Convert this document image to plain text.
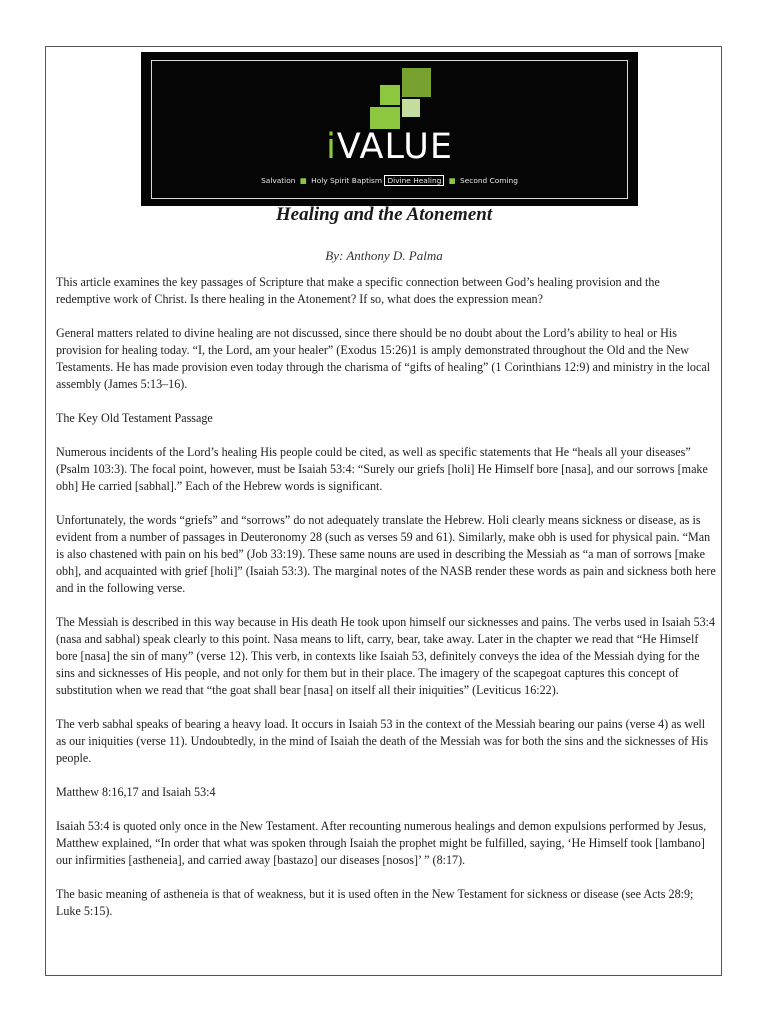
iVALUE
Salvation ■ Holy Spirit Baptism Divine Healing ■ Second Coming
Healing and the Atonement

By: Anthony D. Palma

This article examines the key passages of Scripture that make a specific connection between God’s healing provision and the redemptive work of Christ. Is there healing in the Atonement? If so, what does the expression mean?

General matters related to divine healing are not discussed, since there should be no doubt about the Lord’s ability to heal or His provision for healing today. “I, the Lord, am your healer” (Exodus 15:26)1 is amply demonstrated throughout the Old and the New Testaments. He has made provision even today through the charisma of “gifts of healing” (1 Corinthians 12:9) and ministry in the local assembly (James 5:13–16).

The Key Old Testament Passage

Numerous incidents of the Lord’s healing His people could be cited, as well as specific statements that He “heals all your diseases” (Psalm 103:3). The focal point, however, must be Isaiah 53:4: “Surely our griefs [holi] He Himself bore [nasa], and our sorrows [make obh] He carried [sabhal].” Each of the Hebrew words is significant.

Unfortunately, the words “griefs” and “sorrows” do not adequately translate the Hebrew. Holi clearly means sickness or disease, as is evident from a number of passages in Deuteronomy 28 (such as verses 59 and 61). Similarly, make obh is used for physical pain. “Man is also chastened with pain on his bed” (Job 33:19). These same nouns are used in describing the Messiah as “a man of sorrows [make obh], and acquainted with grief [holi]” (Isaiah 53:3). The marginal notes of the NASB render these words as pain and sickness both here and in the following verse.

The Messiah is described in this way because in His death He took upon himself our sicknesses and pains. The verbs used in Isaiah 53:4 (nasa and sabhal) speak clearly to this point. Nasa means to lift, carry, bear, take away. Later in the chapter we read that “He Himself bore [nasa] the sin of many” (verse 12). This verb, in contexts like Isaiah 53, definitely conveys the idea of the Messiah dying for the sins and sicknesses of His people, and not only for them but in their place. The imagery of the scapegoat captures this concept of substitution when we read that “the goat shall bear [nasa] on itself all their iniquities” (Leviticus 16:22).

The verb sabhal speaks of bearing a heavy load. It occurs in Isaiah 53 in the context of the Messiah bearing our pains (verse 4) as well as our iniquities (verse 11). Undoubtedly, in the mind of Isaiah the death of the Messiah was for both the sins and the sicknesses of His people.

Matthew 8:16,17 and Isaiah 53:4

Isaiah 53:4 is quoted only once in the New Testament. After recounting numerous healings and demon expulsions performed by Jesus, Matthew explained, “In order that what was spoken through Isaiah the prophet might be fulfilled, saying, ‘He Himself took [lambano] our infirmities [astheneia], and carried away [bastazo] our diseases [nosos]’ ” (8:17).

The basic meaning of astheneia is that of weakness, but it is used often in the New Testament for sickness or disease (see Acts 28:9; Luke 5:15).
